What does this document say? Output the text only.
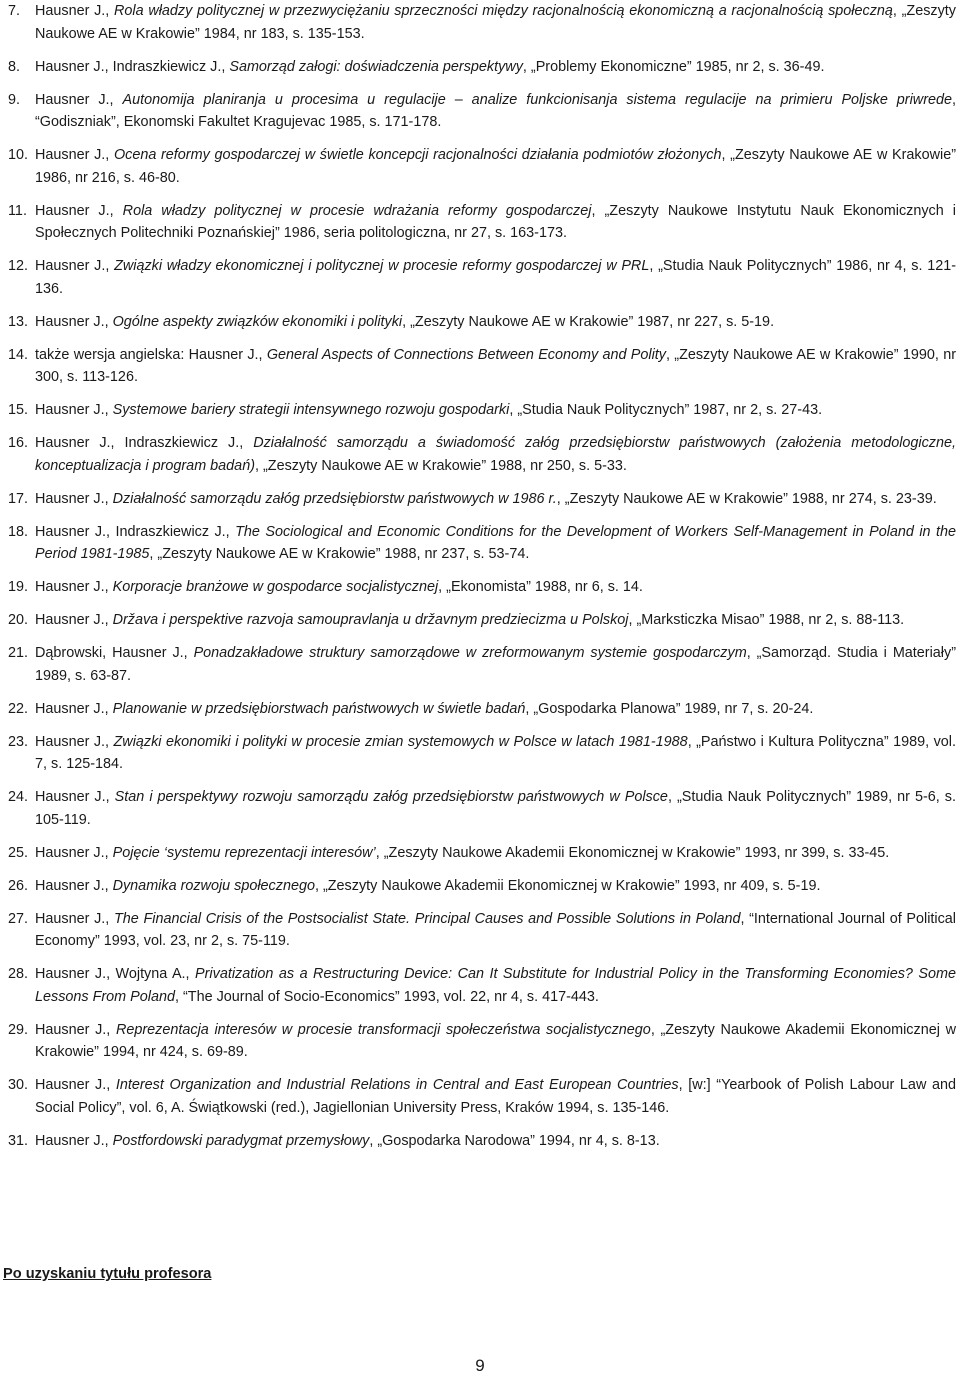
7. Hausner J., Rola władzy politycznej w przezwyciężaniu sprzeczności między racjonalnością ekonomiczną a racjonalnością społeczną, „Zeszyty Naukowe AE w Krakowie” 1984, nr 183, s. 135-153.
8. Hausner J., Indraszkiewicz J., Samorząd załogi: doświadczenia perspektywy, „Problemy Ekonomiczne” 1985, nr 2, s. 36-49.
9. Hausner J., Autonomija planiranja u procesima u regulacije – analize funkcionisanja sistema regulacije na primieru Poljske priwrede, “Godiszniak”, Ekonomski Fakultet Kragujevac 1985, s. 171-178.
10. Hausner J., Ocena reformy gospodarczej w świetle koncepcji racjonalności działania podmiotów złożonych, „Zeszyty Naukowe AE w Krakowie” 1986, nr 216, s. 46-80.
11. Hausner J., Rola władzy politycznej w procesie wdrażania reformy gospodarczej, „Zeszyty Naukowe Instytutu Nauk Ekonomicznych i Społecznych Politechniki Poznańskiej” 1986, seria politologiczna, nr 27, s. 163-173.
12. Hausner J., Związki władzy ekonomicznej i politycznej w procesie reformy gospodarczej w PRL, „Studia Nauk Politycznych” 1986, nr 4, s. 121-136.
13. Hausner J., Ogólne aspekty związków ekonomiki i polityki, „Zeszyty Naukowe AE w Krakowie” 1987, nr 227, s. 5-19.
14. także wersja angielska: Hausner J., General Aspects of Connections Between Economy and Polity, „Zeszyty Naukowe AE w Krakowie” 1990, nr 300, s. 113-126.
15. Hausner J., Systemowe bariery strategii intensywnego rozwoju gospodarki, „Studia Nauk Politycznych” 1987, nr 2, s. 27-43.
16. Hausner J., Indraszkiewicz J., Działalność samorządu a świadomość załóg przedsiębiorstw państwowych (założenia metodologiczne, konceptualizacja i program badań), „Zeszyty Naukowe AE w Krakowie” 1988, nr 250, s. 5-33.
17. Hausner J., Działalność samorządu załóg przedsiębiorstw państwowych w 1986 r., „Zeszyty Naukowe AE w Krakowie” 1988, nr 274, s. 23-39.
18. Hausner J., Indraszkiewicz J., The Sociological and Economic Conditions for the Development of Workers Self-Management in Poland in the Period 1981-1985, „Zeszyty Naukowe AE w Krakowie” 1988, nr 237, s. 53-74.
19. Hausner J., Korporacje branżowe w gospodarce socjalistycznej, „Ekonomista” 1988, nr 6, s. 14.
20. Hausner J., Država i perspektive razvoja samoupravlanja u državnym predziecizma u Polskoj, „Marksticzka Misao” 1988, nr 2, s. 88-113.
21. Dąbrowski, Hausner J., Ponadzakładowe struktury samorządowe w zreformowanym systemie gospodarczym, „Samorząd. Studia i Materiały” 1989, s. 63-87.
22. Hausner J., Planowanie w przedsiębiorstwach państwowych w świetle badań, „Gospodarka Planowa” 1989, nr 7, s. 20-24.
23. Hausner J., Związki ekonomiki i polityki w procesie zmian systemowych w Polsce w latach 1981-1988, „Państwo i Kultura Polityczna” 1989, vol. 7, s. 125-184.
24. Hausner J., Stan i perspektywy rozwoju samorządu załóg przedsiębiorstw państwowych w Polsce, „Studia Nauk Politycznych” 1989, nr 5-6, s. 105-119.
25. Hausner J., Pojęcie ‘systemu reprezentacji interesów’, „Zeszyty Naukowe Akademii Ekonomicznej w Krakowie” 1993, nr 399, s. 33-45.
26. Hausner J., Dynamika rozwoju społecznego, „Zeszyty Naukowe Akademii Ekonomicznej w Krakowie” 1993, nr 409, s. 5-19.
27. Hausner J., The Financial Crisis of the Postsocialist State. Principal Causes and Possible Solutions in Poland, “International Journal of Political Economy” 1993, vol. 23, nr 2, s. 75-119.
28. Hausner J., Wojtyna A., Privatization as a Restructuring Device: Can It Substitute for Industrial Policy in the Transforming Economies? Some Lessons From Poland, “The Journal of Socio-Economics” 1993, vol. 22, nr 4, s. 417-443.
29. Hausner J., Reprezentacja interesów w procesie transformacji społeczeństwa socjalistycznego, „Zeszyty Naukowe Akademii Ekonomicznej w Krakowie” 1994, nr 424, s. 69-89.
30. Hausner J., Interest Organization and Industrial Relations in Central and East European Countries, [w:] “Yearbook of Polish Labour Law and Social Policy”, vol. 6, A. Świątkowski (red.), Jagiellonian University Press, Kraków 1994, s. 135-146.
31. Hausner J., Postfordowski paradygmat przemysłowy, „Gospodarka Narodowa” 1994, nr 4, s. 8-13.
Po uzyskaniu tytułu profesora
9
